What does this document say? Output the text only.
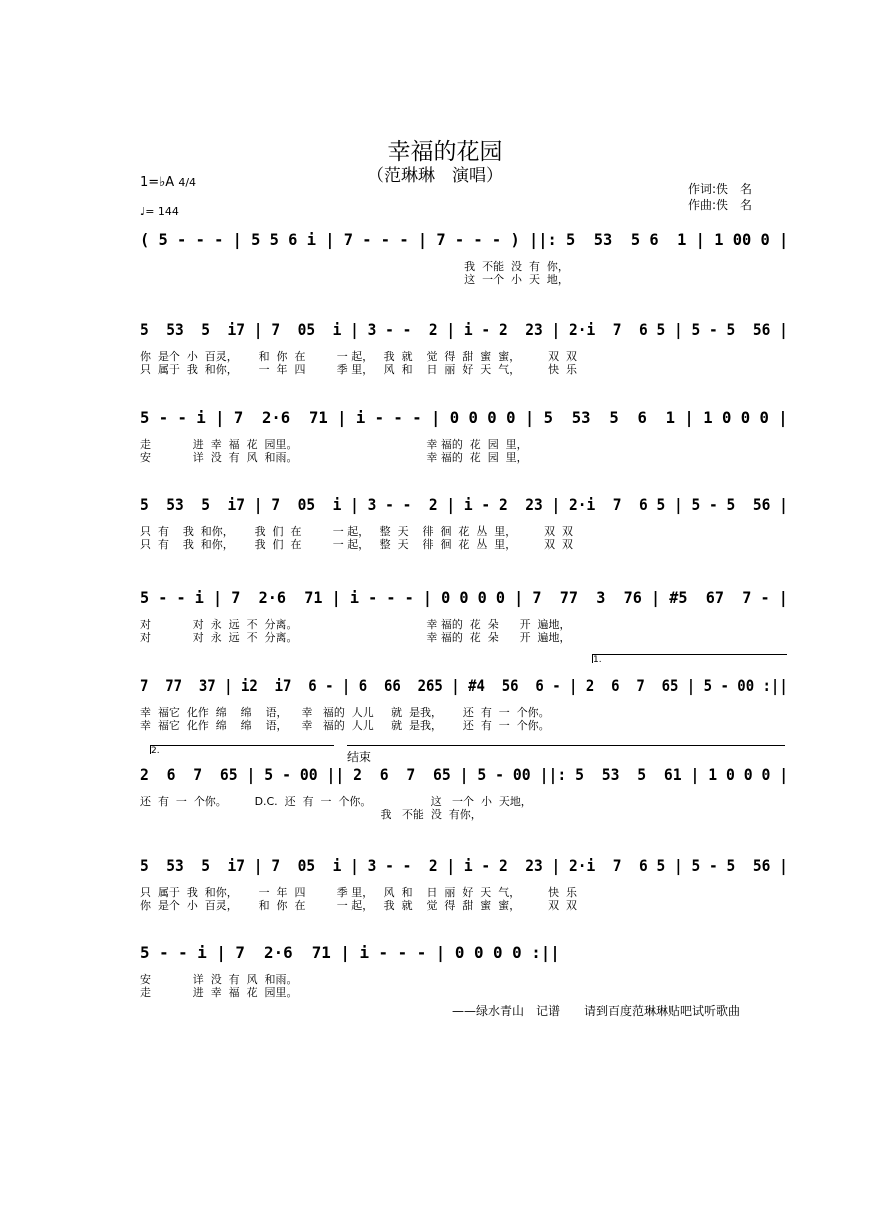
幸福的花园
（范琳琳　演唱）
1=♭A 4/4
♩= 144
作词:佚　名
作曲:佚　名
1.
2.	结束
( 5 - - - | 5 5 6 i | 7 - - - | 7 - - - ) ||: 5  53  5 6  1 | 1 00 0 |
我  不能  没  有  你，
这  一个  小  天  地，
5  53  5  i7 | 7  05  i | 3 - -  2 | i - 2  23 | 2·i  7  6 5 | 5 - 5  56 |
你  是个  小  百灵，      和  你  在         一 起，   我  就    觉  得  甜  蜜  蜜，        双  双
只  属于  我  和你，      一  年  四         季 里，   风  和    日  丽  好  天  气，        快  乐
5 - - i | 7  2·6  71 | i - - - | 0 0 0 0 | 5  53  5  6  1 | 1 0 0 0 |
走            进  幸  福  花  园里。                                     幸 福的  花  园  里，
安            详  没  有  风  和雨。                                     幸 福的  花  园  里，
5  53  5  i7 | 7  05  i | 3 - -  2 | i - 2  23 | 2·i  7  6 5 | 5 - 5  56 |
只  有    我  和你，      我  们  在         一 起，   整  天    徘  徊  花  丛  里，        双  双
只  有    我  和你，      我  们  在         一 起，   整  天    徘  徊  花  丛  里，        双  双
5 - - i | 7  2·6  71 | i - - - | 0 0 0 0 | 7  77  3  76 | #5  67  7 - |
对            对  永  远  不  分离。                                     幸 福的  花  朵      开  遍地，
对            对  永  远  不  分离。                                     幸 福的  花  朵      开  遍地，
7  77  37 | i2  i7  6 - | 6  66  265 | #4  56  6 - | 2  6  7  65 | 5 - 00 :||
幸  福它  化作  绵    绵    语，    幸   福的  人儿     就  是我，      还  有  一  个你。
幸  福它  化作  绵    绵    语，    幸   福的  人儿     就  是我，      还  有  一  个你。
2  6  7  65 | 5 - 00 || 2  6  7  65 | 5 - 00 ||: 5  53  5  61 | 1 0 0 0 |
还  有  一  个你。        D.C.  还  有  一  个你。                 这   一个  小  天地，
我   不能  没  有你，
5  53  5  i7 | 7  05  i | 3 - -  2 | i - 2  23 | 2·i  7  6 5 | 5 - 5  56 |
只  属于  我  和你，      一  年  四         季 里，   风  和    日  丽  好  天  气，        快  乐
你  是个  小  百灵，      和  你  在         一 起，   我  就    觉  得  甜  蜜  蜜，        双  双
5 - - i | 7  2·6  71 | i - - - | 0 0 0 0 :||
安            详  没  有  风  和雨。
走            进  幸  福  花  园里。
——绿水青山　记谱　　请到百度范琳琳贴吧试听歌曲
